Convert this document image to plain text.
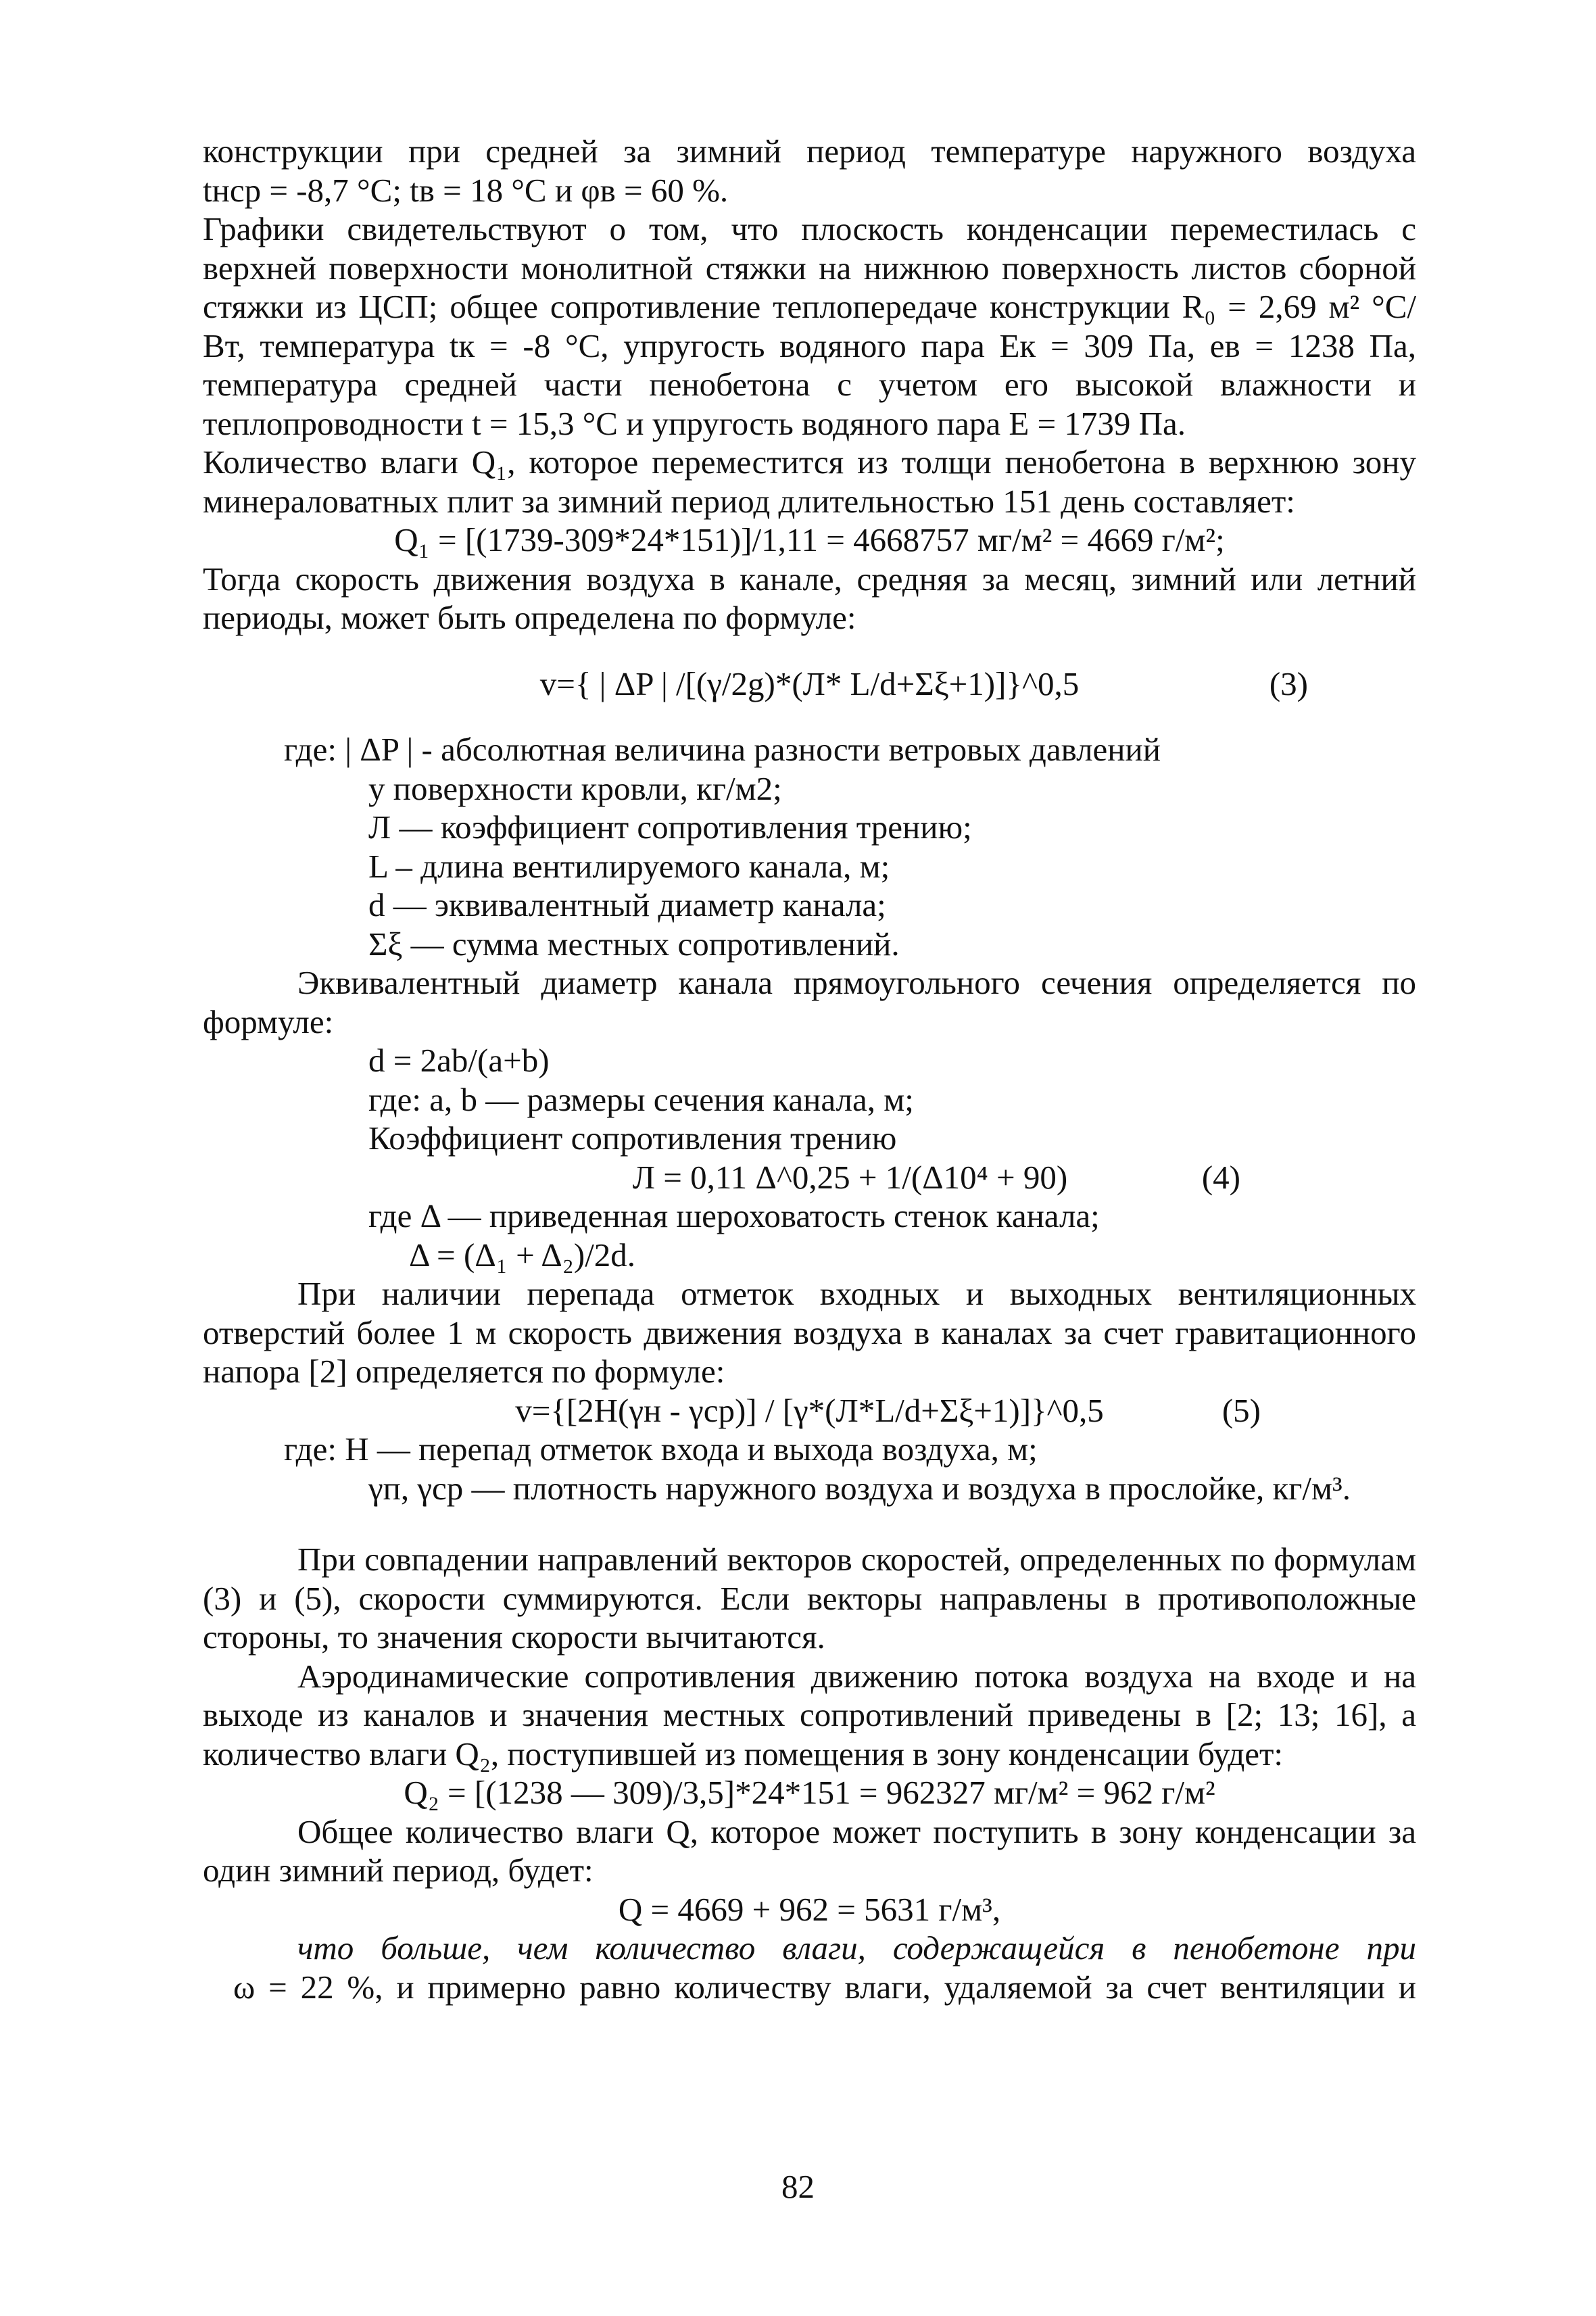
конструкции при средней за зимний период температуре наружного воздуха

tнср = -8,7 °С; tв = 18 °С и φв = 60 %.

Графики свидетельствуют о том, что плоскость конденсации переместилась с верхней поверхности монолитной стяжки на нижнюю поверхность листов сборной стяжки из ЦСП; общее сопротивление теплопередаче конструкции R₀ = 2,69 м² °С/Вт, температура tк = -8 °С, упругость водяного пара Eк = 309 Па, eв = 1238 Па, температура средней части пенобетона с учетом его высокой влажности и теплопроводности t = 15,3 °С и упругость водяного пара E = 1739 Па.

Количество влаги Q₁, которое переместится из толщи пенобетона в верхнюю зону минераловатных плит за зимний период длительностью 151 день составляет:

Q₁ = [(1739-309*24*151)]/1,11 = 4668757 мг/м² = 4669 г/м²;

Тогда скорость движения воздуха в канале, средняя за месяц, зимний или летний периоды, может быть определена по формуле:

v={ | ΔP | /[(γ/2g)*(Л* L/d+Σξ+1)]}^0,5	(3)

где: | ΔP | - абсолютная величина разности ветровых давлений

у поверхности кровли, кг/м2;

Л — коэффициент сопротивления трению;

L – длина вентилируемого канала, м;

d — эквивалентный диаметр канала;

Σξ — сумма местных сопротивлений.

Эквивалентный диаметр канала прямоугольного сечения определяется по формуле:

d = 2ab/(a+b)

где: a, b — размеры сечения канала, м;

Коэффициент сопротивления трению

Л = 0,11 Δ^0,25 + 1/(Δ10⁴ + 90)	(4)

где Δ — приведенная шероховатость стенок канала;

Δ = (Δ₁ + Δ₂)/2d.

При наличии перепада отметок входных и выходных вентиляционных отверстий более 1 м скорость движения воздуха в каналах за счет гравитационного напора [2] определяется по формуле:

v={[2H(γн - γср)] / [γ*(Л*L/d+Σξ+1)]}^0,5	(5)

где: H — перепад отметок входа и выхода воздуха, м;

γп, γср — плотность наружного воздуха и воздуха в прослойке, кг/м³.

При совпадении направлений векторов скоростей, определенных по формулам (3) и (5), скорости суммируются. Если векторы направлены в противоположные стороны, то значения скорости вычитаются.

Аэродинамические сопротивления движению потока воздуха на входе и на выходе из каналов и значения местных сопротивлений приведены в [2; 13; 16], а количество влаги Q₂, поступившей из помещения в зону конденсации будет:

Q₂ = [(1238 — 309)/3,5]*24*151 = 962327 мг/м² = 962 г/м²

Общее количество влаги Q, которое может поступить в зону конденсации за один зимний период, будет:

Q = 4669 + 962 = 5631 г/м³,

что больше, чем количество влаги, содержащейся в пенобетоне при

ω = 22 %, и примерно равно количеству влаги, удаляемой за счет вентиляции и

82
